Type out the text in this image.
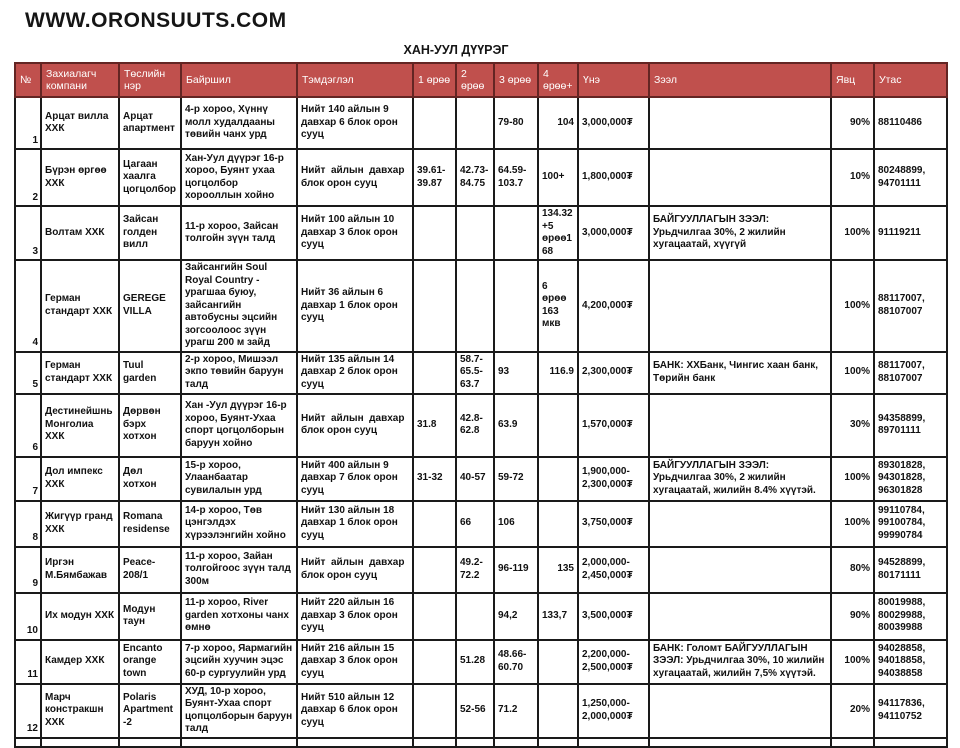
WWW.ORONSUUTS.COM
ХАН-УУЛ ДҮҮРЭГ
№	Захиалагч компани	Төслийн нэр	Байршил	Тэмдэглэл	1 өрөө	2 өрөө	3 өрөө	4 өрөө+	Үнэ	Зээл	Явц	Утас
1	Арцат вилла ХХК	Арцат апартмент	4-р хороо, Хүннү молл худалдааны төвийн чанх урд	Нийт 140 айлын 9 давхар 6 блок орон сууц			79-80	104	3,000,000₮		90%	88110486
2	Бүрэн өргөө ХХК	Цагаан хаалга цогцолбор	Хан-Уул дүүрэг 16-р хороо, Буянт ухаа цогцолбор хорооллын хойно	Нийт  айлын  давхар блок орон сууц	39.61-39.87	42.73-84.75	64.59-103.7	100+	1,800,000₮		10%	80248899, 94701111
3	Волтам ХХК	Зайсан голден вилл	11-р хороо, Зайсан толгойн зүүн талд	Нийт 100 айлын 10 давхар 3 блок орон сууц				134.32 +5 өрөө168	3,000,000₮	БАЙГУУЛЛАГЫН ЗЭЭЛ:  Урьдчилгаа 30%, 2 жилийн хугацаатай, хүүгүй	100%	91119211
4	Герман стандарт ХХК	GEREGE VILLA	Зайсангийн Soul Royal Country - урагшаа буюу, зайсангийн автобусны эцсийн зогсоолоос зүүн урагш 200 м зайд	Нийт 36 айлын 6 давхар 1 блок орон сууц				6 өрөө 163 мкв	4,200,000₮		100%	88117007, 88107007
5	Герман стандарт ХХК	Tuul garden	2-р хороо, Мишээл экпо төвийн баруун талд	Нийт 135 айлын 14 давхар 2 блок орон сууц		58.7-65.5-63.7	93	116.9	2,300,000₮	БАНК: ХХБанк, Чингис хаан банк, Төрийн банк	100%	88117007, 88107007
6	Дестинейшнь Монголиа ХХК	Дөрвөн бэрх хотхон	Хан -Уул дүүрэг 16-р хороо, Буянт-Ухаа спорт цогцолборын баруун хойно	Нийт  айлын  давхар блок орон сууц	31.8	42.8-62.8	63.9		1,570,000₮		30%	94358899, 89701111
7	Дол импекс ХХК	Дөл хотхон	15-р хороо, Улаанбаатар сувилалын урд	Нийт 400 айлын 9 давхар 7 блок орон сууц	31-32	40-57	59-72		1,900,000-2,300,000₮	БАЙГУУЛЛАГЫН ЗЭЭЛ:  Урьдчилгаа 30%, 2 жилийн хугацаатай, жилийн 8.4% хүүтэй.	100%	89301828, 94301828, 96301828
8	Жигүүр гранд ХХК	Romana residense	14-р хороо, Төв цэнгэлдэх хүрээлэнгийн хойно	Нийт 130 айлын 18 давхар 1 блок орон сууц		66	106		3,750,000₮		100%	99110784, 99100784, 99990784
9	Иргэн М.Бямбажав	Peace-208/1	11-р хороо, Зайан толгойгоос зүүн талд 300м	Нийт  айлын  давхар блок орон сууц		49.2-72.2	96-119	135	2,000,000-2,450,000₮		80%	94528899, 80171111
10	Их модун ХХК	Модун таун	11-р хороо, River garden хотхоны чанх өмнө	Нийт 220 айлын 16 давхар 3 блок орон сууц			94,2	133,7	3,500,000₮		90%	80019988, 80029988, 80039988
11	Камдер ХХК	Encanto orange town	7-р хороо, Яармагийн эцсийн хуучин эцэс 60-р сургуулийн урд	Нийт 216 айлын 15 давхар 3 блок орон сууц		51.28	48.66-60.70		2,200,000-2,500,000₮	БАНК: Голомт БАЙГУУЛЛАГЫН ЗЭЭЛ: Урьдчилгаа 30%, 10 жилийн хугацаатай, жилийн 7,5% хүүтэй.	100%	94028858, 94018858, 94038858
12	Марч констракшн ХХК	Polaris Apartment -2	ХУД, 10-р хороо, Буянт-Ухаа спорт цопцолборын баруун талд	Нийт 510 айлын 12 давхар 6 блок орон сууц		52-56	71.2		1,250,000-2,000,000₮		20%	94117836, 94110752
